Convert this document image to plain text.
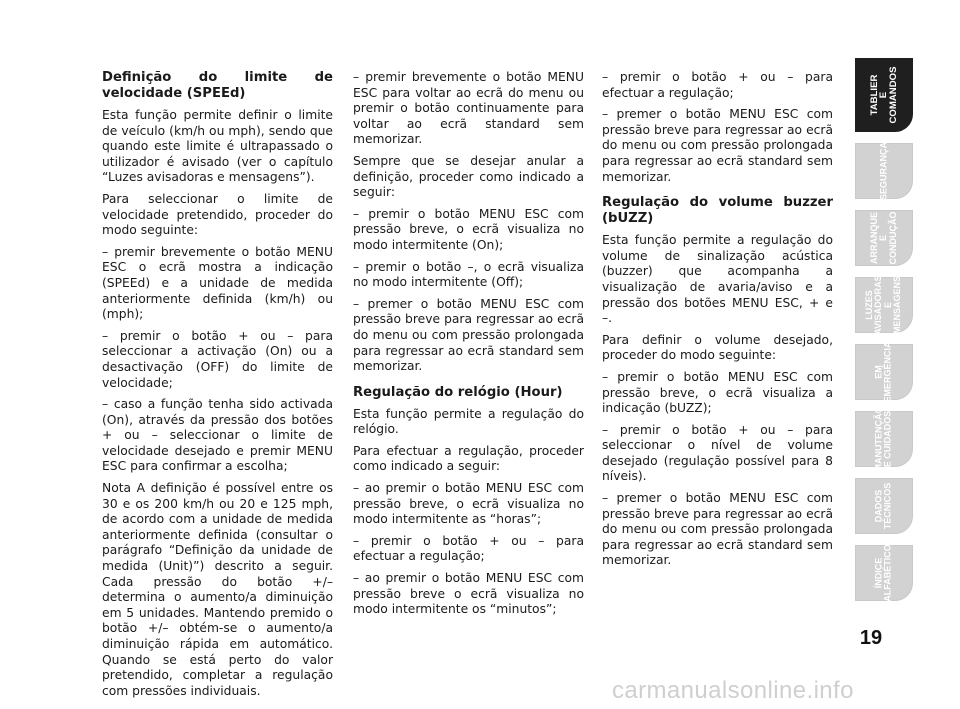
Definição do limite de velocidade (SPEEd)

Esta função permite definir o limite de veículo (km/h ou mph), sendo que quando este limite é ultrapassado o utilizador é avisado (ver o capítulo “Luzes avisadoras e mensagens”).

Para seleccionar o limite de velocidade pretendido, proceder do modo seguinte:

– premir brevemente o botão MENU ESC o ecrã mostra a indicação (SPEEd) e a unidade de medida anteriormente definida (km/h) ou (mph);

– premir o botão + ou – para seleccionar a activação (On) ou a desactivação (OFF) do limite de velocidade;

– caso a função tenha sido activada (On), através da pressão dos botões + ou – seleccionar o limite de velocidade desejado e premir MENU ESC para confirmar a escolha;

Nota A definição é possível entre os 30 e os 200 km/h ou 20 e 125 mph, de acordo com a unidade de medida anteriormente definida (consultar o parágrafo “Definição da unidade de medida (Unit)”) descrito a seguir. Cada pressão do botão +/– determina o aumento/a diminuição em 5 unidades. Mantendo premido o botão +/– obtém-se o aumento/a diminuição rápida em automático. Quando se está perto do valor pretendido, completar a regulação com pressões individuais.

– premir brevemente o botão MENU ESC para voltar ao ecrã do menu ou premir o botão continuamente para voltar ao ecrã standard sem memorizar.

Sempre que se desejar anular a definição, proceder como indicado a seguir:

– premir o botão MENU ESC com pressão breve, o ecrã visualiza no modo intermitente (On);

– premir o botão –, o ecrã visualiza no modo intermitente (Off);

– premer o botão MENU ESC com pressão breve para regressar ao ecrã do menu ou com pressão prolongada para regressar ao ecrã standard sem memorizar.

Regulação do relógio (Hour)

Esta função permite a regulação do relógio.

Para efectuar a regulação, proceder como indicado a seguir:

– ao premir o botão MENU ESC com pressão breve, o ecrã visualiza no modo intermitente as “horas”;

– premir o botão + ou – para efectuar a regulação;

– ao premir o botão MENU ESC com pressão breve o ecrã visualiza no modo intermitente os “minutos”;

– premir o botão + ou – para efectuar a regulação;

– premer o botão MENU ESC com pressão breve para regressar ao ecrã do menu ou com pressão prolongada para regressar ao ecrã standard sem memorizar.

Regulação do volume buzzer (bUZZ)

Esta função permite a regulação do volume de sinalização acústica (buzzer) que acompanha a visualização de avaria/aviso e a pressão dos botões MENU ESC, + e –.

Para definir o volume desejado, proceder do modo seguinte:

– premir o botão MENU ESC com pressão breve, o ecrã visualiza a indicação (bUZZ);

– premir o botão + ou – para seleccionar o nível de volume desejado (regulação possível para 8 níveis).

– premer o botão MENU ESC com pressão breve para regressar ao ecrã do menu ou com pressão prolongada para regressar ao ecrã standard sem memorizar.

TABLIER
E COMANDOS
SEGURANÇA
ARRANQUE
E CONDUÇÃO
LUZES
AVISADORAS
E MENSAGENS
EM
EMERGÊNCIA
MANUTENÇÃO
E CUIDADOS
DADOS
TÉCNICOS
ÍNDICE
ALFABÉTICO
19
carmanualsonline.info
